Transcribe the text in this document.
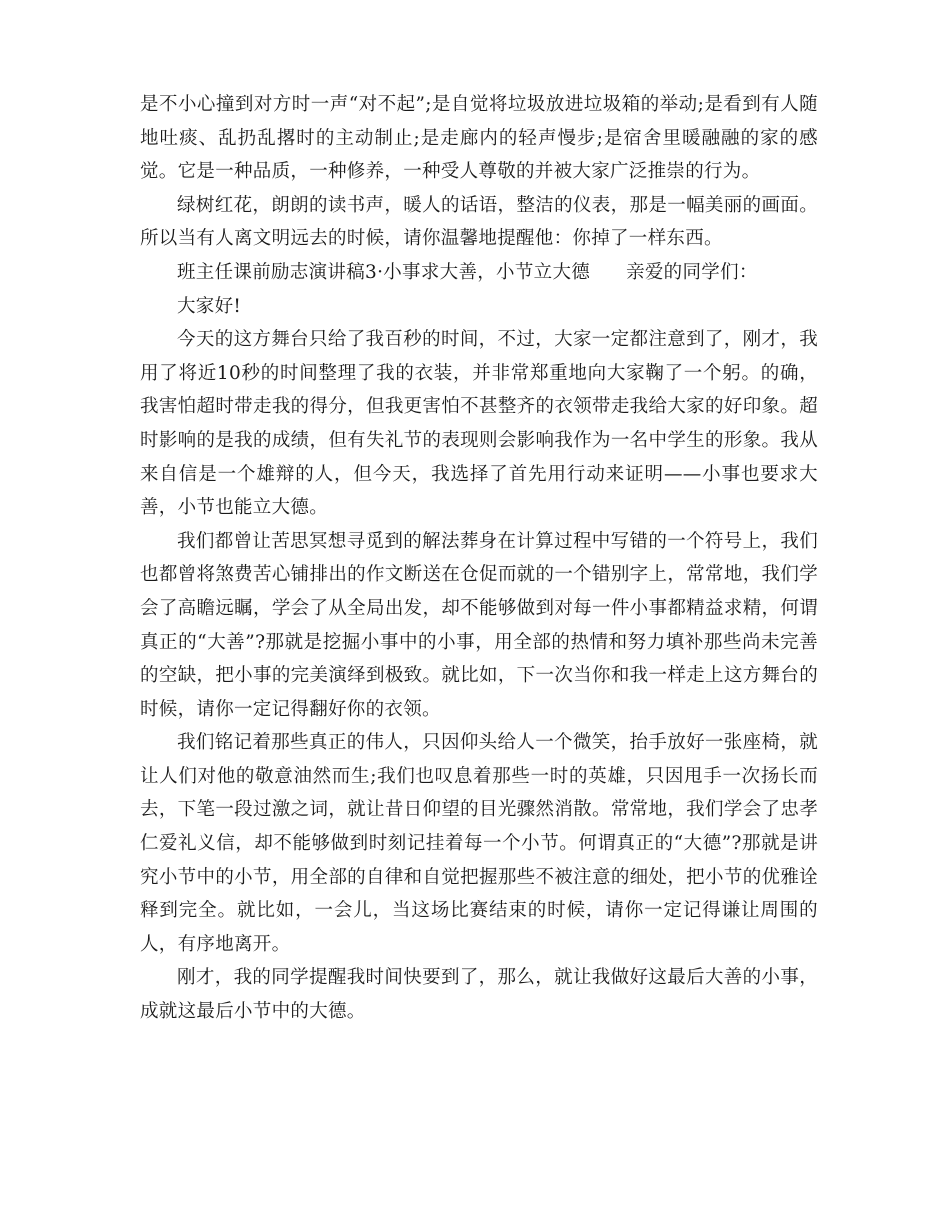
是不小心撞到对方时一声“对不起”;是自觉将垃圾放进垃圾箱的举动;是看到有人随地吐痰、乱扔乱撂时的主动制止;是走廊内的轻声慢步;是宿舍里暖融融的家的感觉。它是一种品质，一种修养，一种受人尊敬的并被大家广泛推崇的行为。

绿树红花，朗朗的读书声，暖人的话语，整洁的仪表，那是一幅美丽的画面。所以当有人离文明远去的时候，请你温馨地提醒他：你掉了一样东西。

班主任课前励志演讲稿3·小事求大善，小节立大德 亲爱的同学们：

大家好!

今天的这方舞台只给了我百秒的时间，不过，大家一定都注意到了，刚才，我用了将近10秒的时间整理了我的衣装，并非常郑重地向大家鞠了一个躬。的确，我害怕超时带走我的得分，但我更害怕不甚整齐的衣领带走我给大家的好印象。超时影响的是我的成绩，但有失礼节的表现则会影响我作为一名中学生的形象。我从来自信是一个雄辩的人，但今天，我选择了首先用行动来证明——小事也要求大善，小节也能立大德。

我们都曾让苦思冥想寻觅到的解法葬身在计算过程中写错的一个符号上，我们也都曾将煞费苦心铺排出的作文断送在仓促而就的一个错别字上，常常地，我们学会了高瞻远瞩，学会了从全局出发，却不能够做到对每一件小事都精益求精，何谓真正的“大善”?那就是挖掘小事中的小事，用全部的热情和努力填补那些尚未完善的空缺，把小事的完美演绎到极致。就比如，下一次当你和我一样走上这方舞台的时候，请你一定记得翻好你的衣领。

我们铭记着那些真正的伟人，只因仰头给人一个微笑，抬手放好一张座椅，就让人们对他的敬意油然而生;我们也叹息着那些一时的英雄，只因甩手一次扬长而去，下笔一段过激之词，就让昔日仰望的目光骤然消散。常常地，我们学会了忠孝仁爱礼义信，却不能够做到时刻记挂着每一个小节。何谓真正的“大德”?那就是讲究小节中的小节，用全部的自律和自觉把握那些不被注意的细处，把小节的优雅诠释到完全。就比如，一会儿，当这场比赛结束的时候，请你一定记得谦让周围的人，有序地离开。

刚才，我的同学提醒我时间快要到了，那么，就让我做好这最后大善的小事，成就这最后小节中的大德。
